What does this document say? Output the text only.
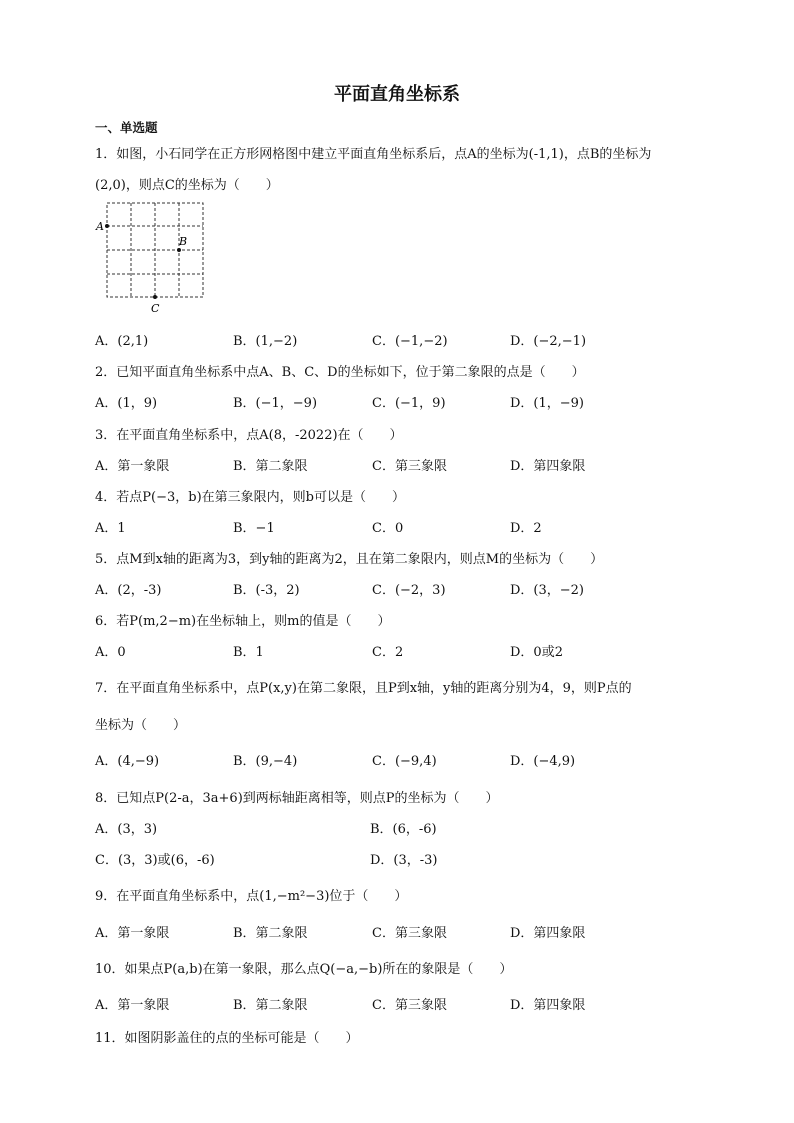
平面直角坐标系
一、单选题
1．如图，小石同学在正方形网格图中建立平面直角坐标系后，点A的坐标为(-1,1)，点B的坐标为
(2,0)，则点C的坐标为（　　）
A
B
C
A．(2,1)	B．(1,−2)	C．(−1,−2)	D．(−2,−1)
2．已知平面直角坐标系中点A、B、C、D的坐标如下，位于第二象限的点是（　　）
A．(1，9)	B．(−1，−9)	C．(−1，9)	D．(1，−9)
3．在平面直角坐标系中，点A(8，-2022)在（　　）
A．第一象限	B．第二象限	C．第三象限	D．第四象限
4．若点P(−3，b)在第三象限内，则b可以是（　　）
A．1	B．−1	C．0	D．2
5．点M到x轴的距离为3，到y轴的距离为2，且在第二象限内，则点M的坐标为（　　）
A．(2，-3)	B．(-3，2)	C．(−2，3)	D．(3，−2)
6．若P(m,2−m)在坐标轴上，则m的值是（　　）
A．0	B．1	C．2	D．0或2
7．在平面直角坐标系中，点P(x,y)在第二象限，且P到x轴，y轴的距离分别为4，9，则P点的
坐标为（　　）
A．(4,−9)	B．(9,−4)	C．(−9,4)	D．(−4,9)
8．已知点P(2-a，3a+6)到两标轴距离相等，则点P的坐标为（　　）
A．(3，3)	B．(6，-6)
C．(3，3)或(6，-6)	D．(3，-3)
9．在平面直角坐标系中，点(1,−m²−3)位于（　　）
A．第一象限	B．第二象限	C．第三象限	D．第四象限
10．如果点P(a,b)在第一象限，那么点Q(−a,−b)所在的象限是（　　）
A．第一象限	B．第二象限	C．第三象限	D．第四象限
11．如图阴影盖住的点的坐标可能是（　　）
